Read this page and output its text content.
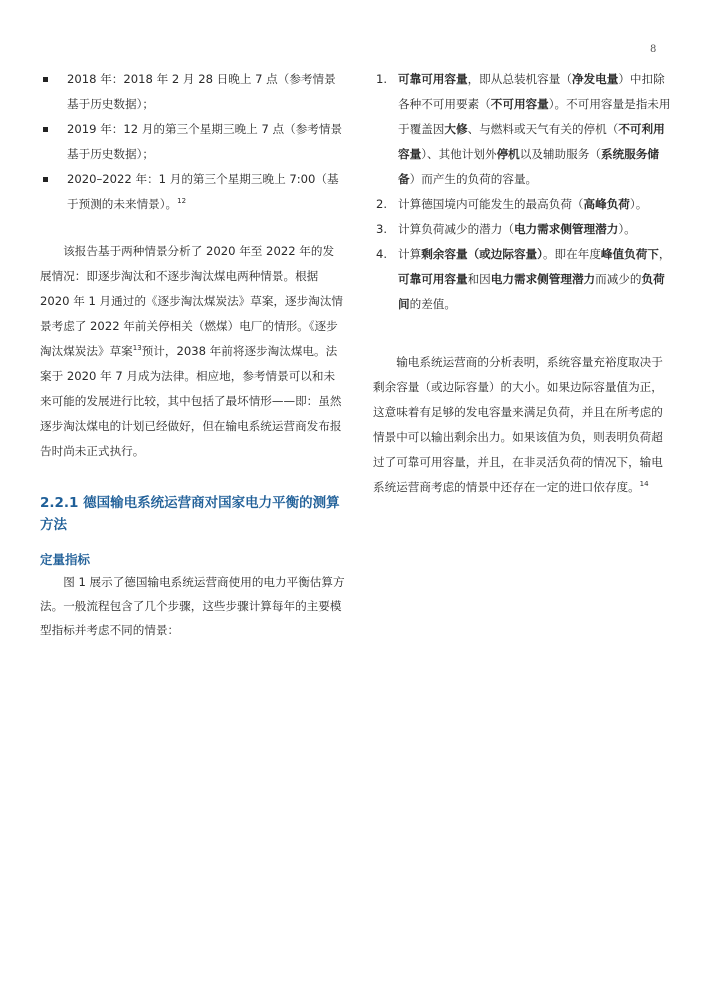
8
2018 年：2018 年 2 月 28 日晚上 7 点（参考情景基于历史数据）；
2019 年：12 月的第三个星期三晚上 7 点（参考情景基于历史数据）；
2020–2022 年：1 月的第三个星期三晚上 7:00（基于预测的未来情景）。$^{12}$

该报告基于两种情景分析了 2020 年至 2022 年的发展情况：即逐步淘汰和不逐步淘汰煤电两种情景。根据 2020 年 1 月通过的《逐步淘汰煤炭法》草案，逐步淘汰情景考虑了 2022 年前关停相关（燃煤）电厂的情形。《逐步淘汰煤炭法》草案$^{13}$预计，2038 年前将逐步淘汰煤电。法案于 2020 年 7 月成为法律。相应地，参考情景可以和未来可能的发展进行比较，其中包括了最坏情形——即：虽然逐步淘汰煤电的计划已经做好，但在输电系统运营商发布报告时尚未正式执行。

2.2.1 德国输电系统运营商对国家电力平衡的测算方法
定量指标

图 1 展示了德国输电系统运营商使用的电力平衡估算方法。一般流程包含了几个步骤，这些步骤计算每年的主要模型指标并考虑不同的情景：

1. 可靠可用容量，即从总装机容量（净发电量）中扣除各种不可用要素（不可用容量）。不可用容量是指未用于覆盖因大修、与燃料或天气有关的停机（不可利用容量）、其他计划外停机以及辅助服务（系统服务储备）而产生的负荷的容量。
2. 计算德国境内可能发生的最高负荷（高峰负荷）。
3. 计算负荷减少的潜力（电力需求侧管理潜力）。
4. 计算剩余容量（或边际容量）。即在年度峰值负荷下，可靠可用容量和因电力需求侧管理潜力而减少的负荷间的差值。

输电系统运营商的分析表明，系统容量充裕度取决于剩余容量（或边际容量）的大小。如果边际容量值为正，这意味着有足够的发电容量来满足负荷，并且在所考虑的情景中可以输出剩余出力。如果该值为负，则表明负荷超过了可靠可用容量，并且，在非灵活负荷的情况下，输电系统运营商考虑的情景中还存在一定的进口依存度。$^{14}$
